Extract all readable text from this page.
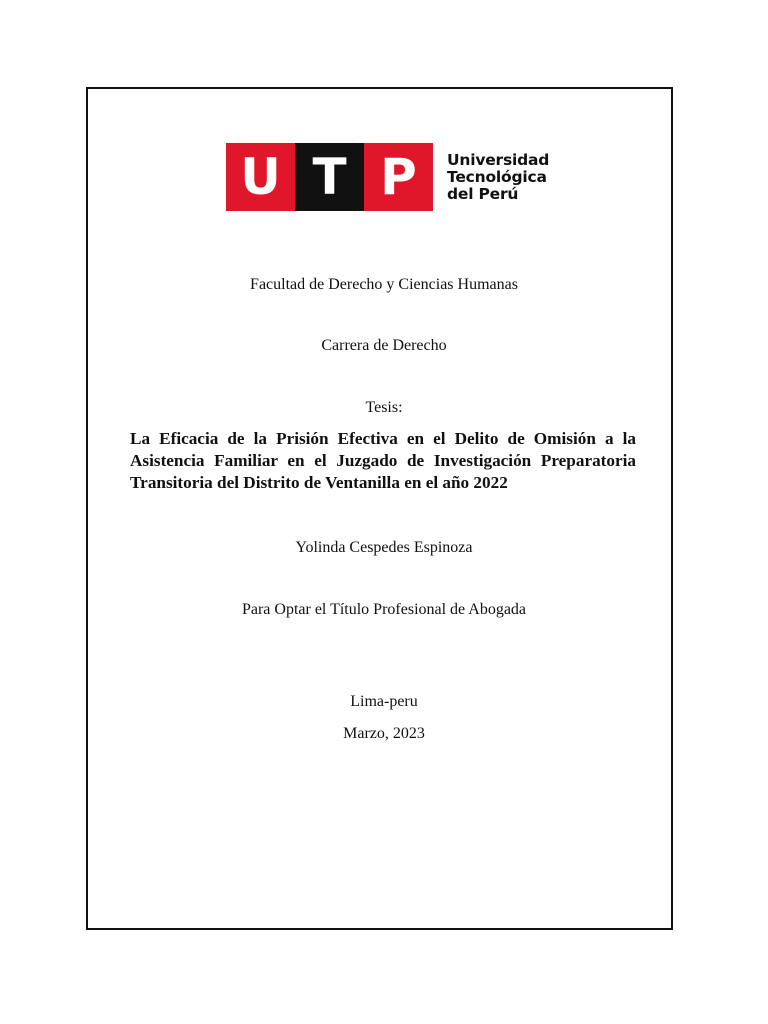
U T P	Universidad
Tecnológica
del Perú
Facultad de Derecho y Ciencias Humanas
Carrera de Derecho
Tesis:
La Eficacia de la Prisión Efectiva en el Delito de Omisión a la
Asistencia Familiar en el Juzgado de Investigación Preparatoria
Transitoria del Distrito de Ventanilla en el año 2022
Yolinda Cespedes Espinoza
Para Optar el Título Profesional de Abogada
Lima-peru
Marzo, 2023
